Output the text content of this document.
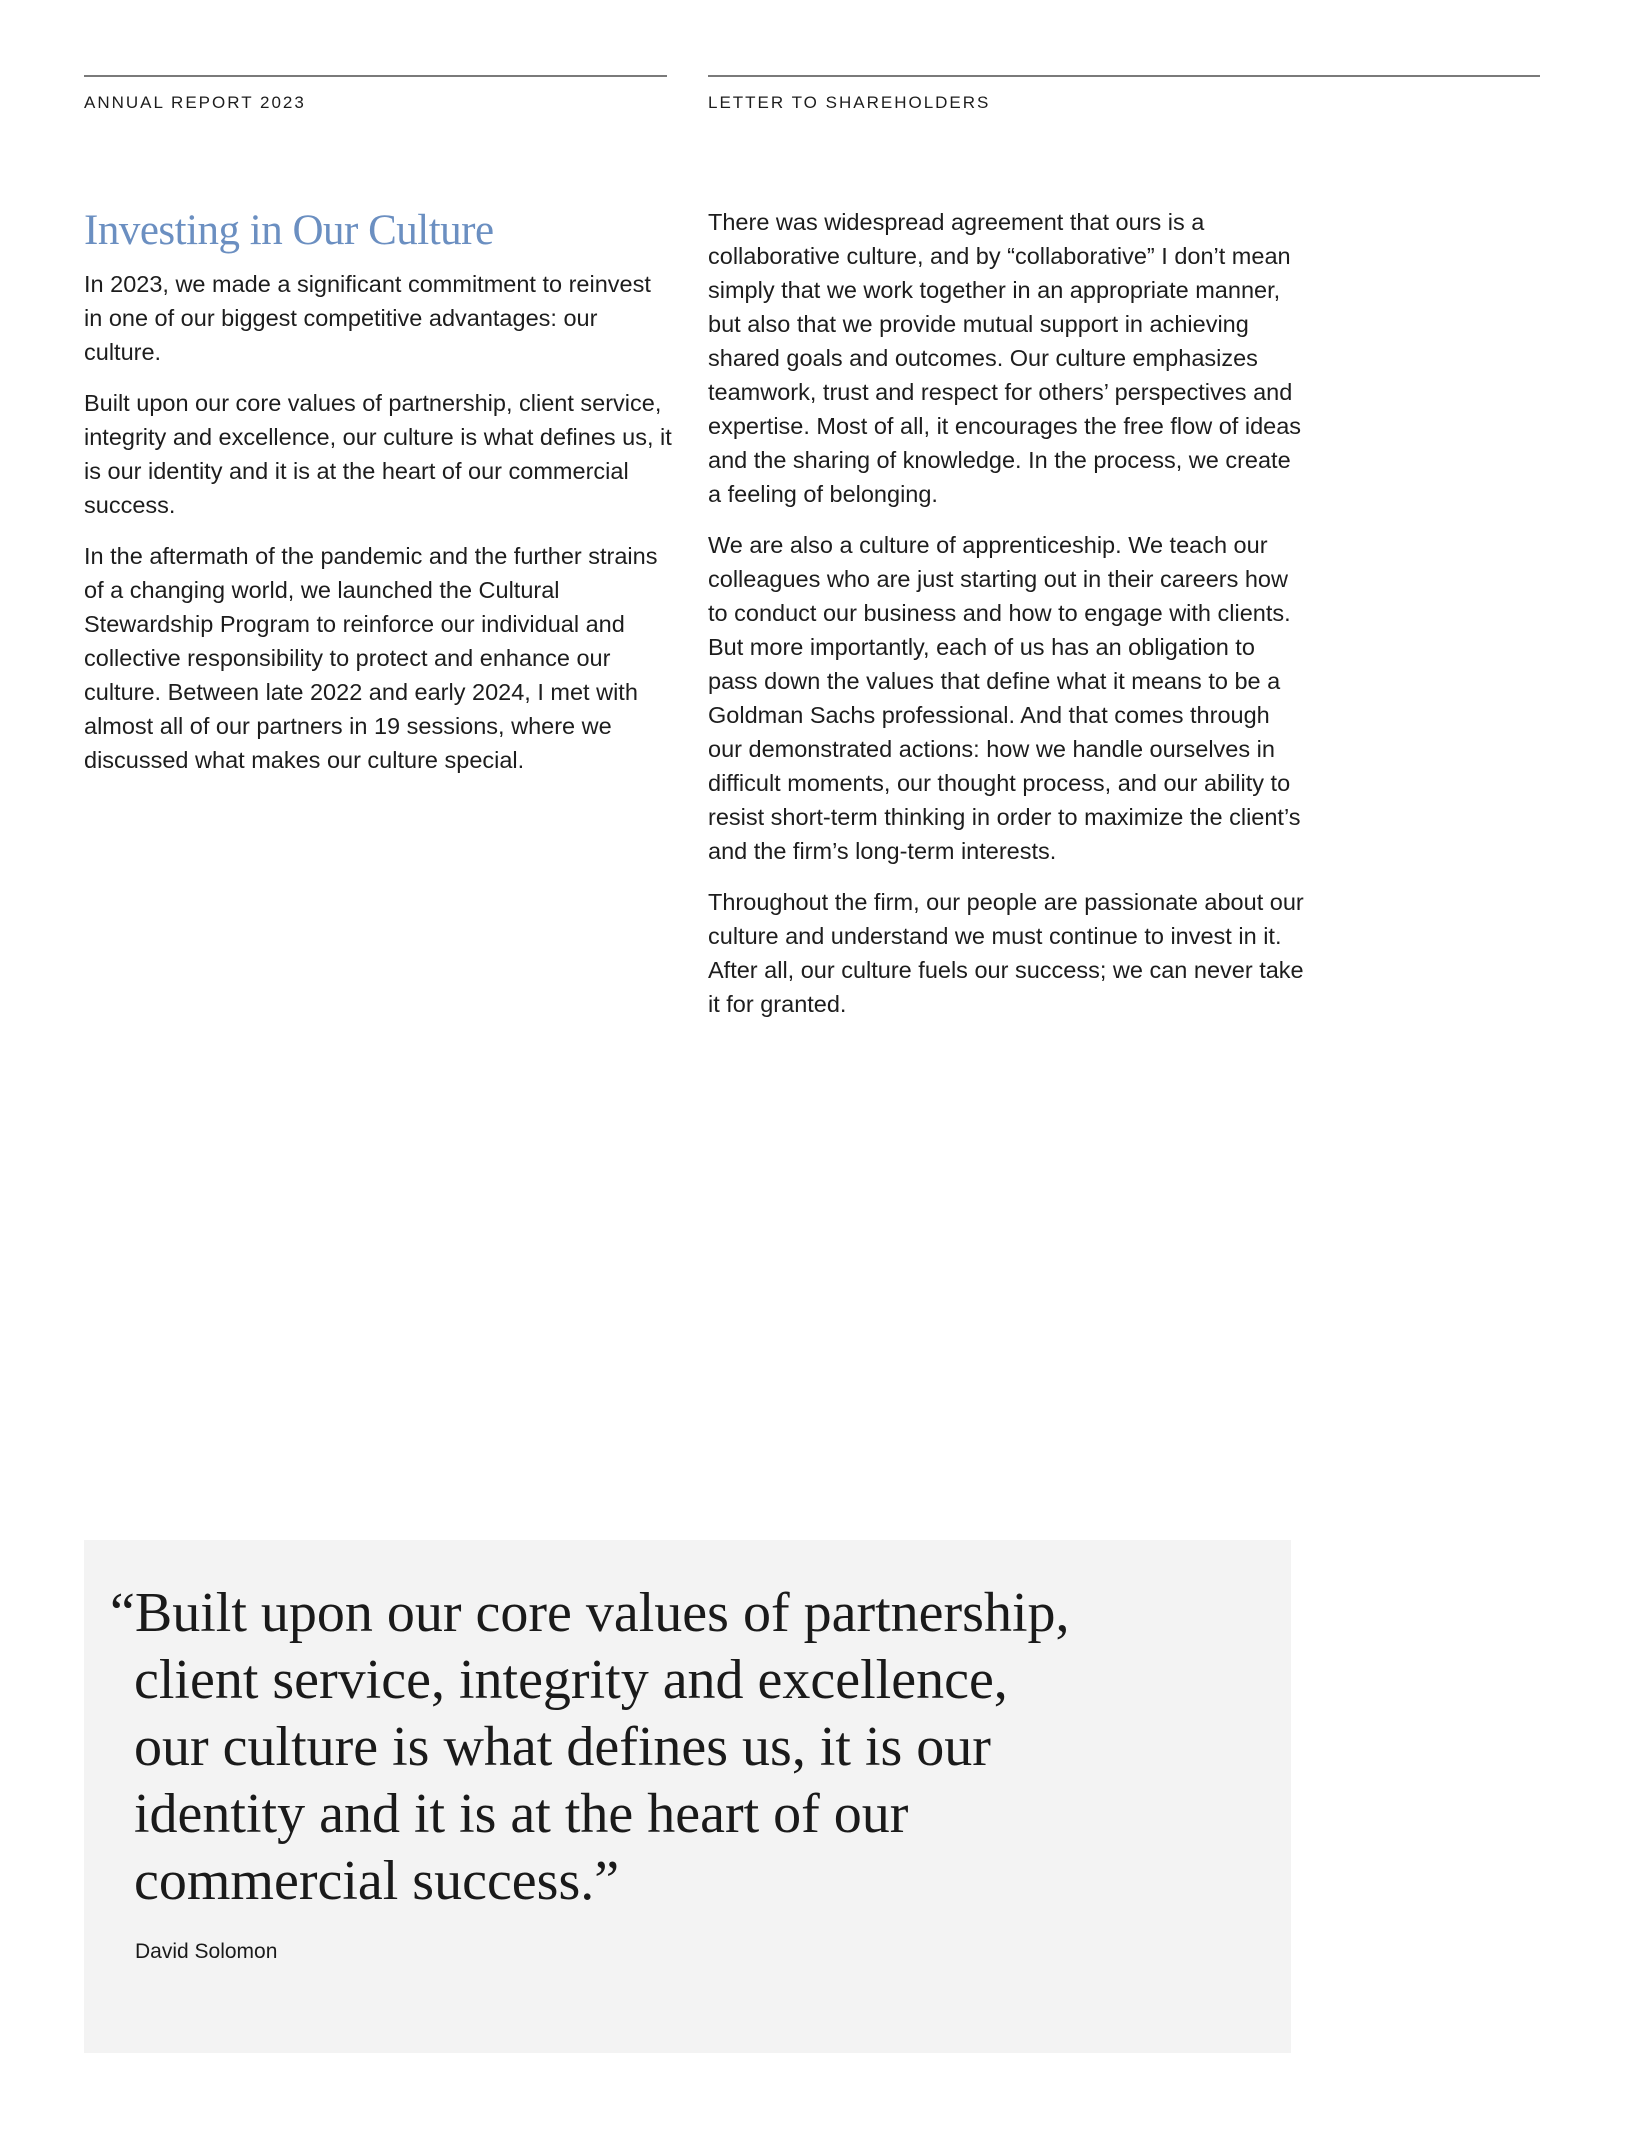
ANNUAL REPORT 2023	LETTER TO SHAREHOLDERS

Investing in Our Culture

In 2023, we made a significant commitment to reinvest in one of our biggest competitive advantages: our culture.

Built upon our core values of partnership, client service, integrity and excellence, our culture is what defines us, it is our identity and it is at the heart of our commercial success.

In the aftermath of the pandemic and the further strains of a changing world, we launched the Cultural Stewardship Program to reinforce our individual and collective responsibility to protect and enhance our culture. Between late 2022 and early 2024, I met with almost all of our partners in 19 sessions, where we discussed what makes our culture special.

There was widespread agreement that ours is a collaborative culture, and by “collaborative” I don’t mean simply that we work together in an appropriate manner, but also that we provide mutual support in achieving shared goals and outcomes. Our culture emphasizes teamwork, trust and respect for others’ perspectives and expertise. Most of all, it encourages the free flow of ideas and the sharing of knowledge. In the process, we create a feeling of belonging.

We are also a culture of apprenticeship. We teach our colleagues who are just starting out in their careers how to conduct our business and how to engage with clients. But more importantly, each of us has an obligation to pass down the values that define what it means to be a Goldman Sachs professional. And that comes through our demonstrated actions: how we handle ourselves in difficult moments, our thought process, and our ability to resist short-term thinking in order to maximize the client’s and the firm’s long-term interests.

Throughout the firm, our people are passionate about our culture and understand we must continue to invest in it. After all, our culture fuels our success; we can never take it for granted.

“Built upon our core values of partnership,
client service, integrity and excellence,
our culture is what defines us, it is our
identity and it is at the heart of our
commercial success.”

David Solomon
